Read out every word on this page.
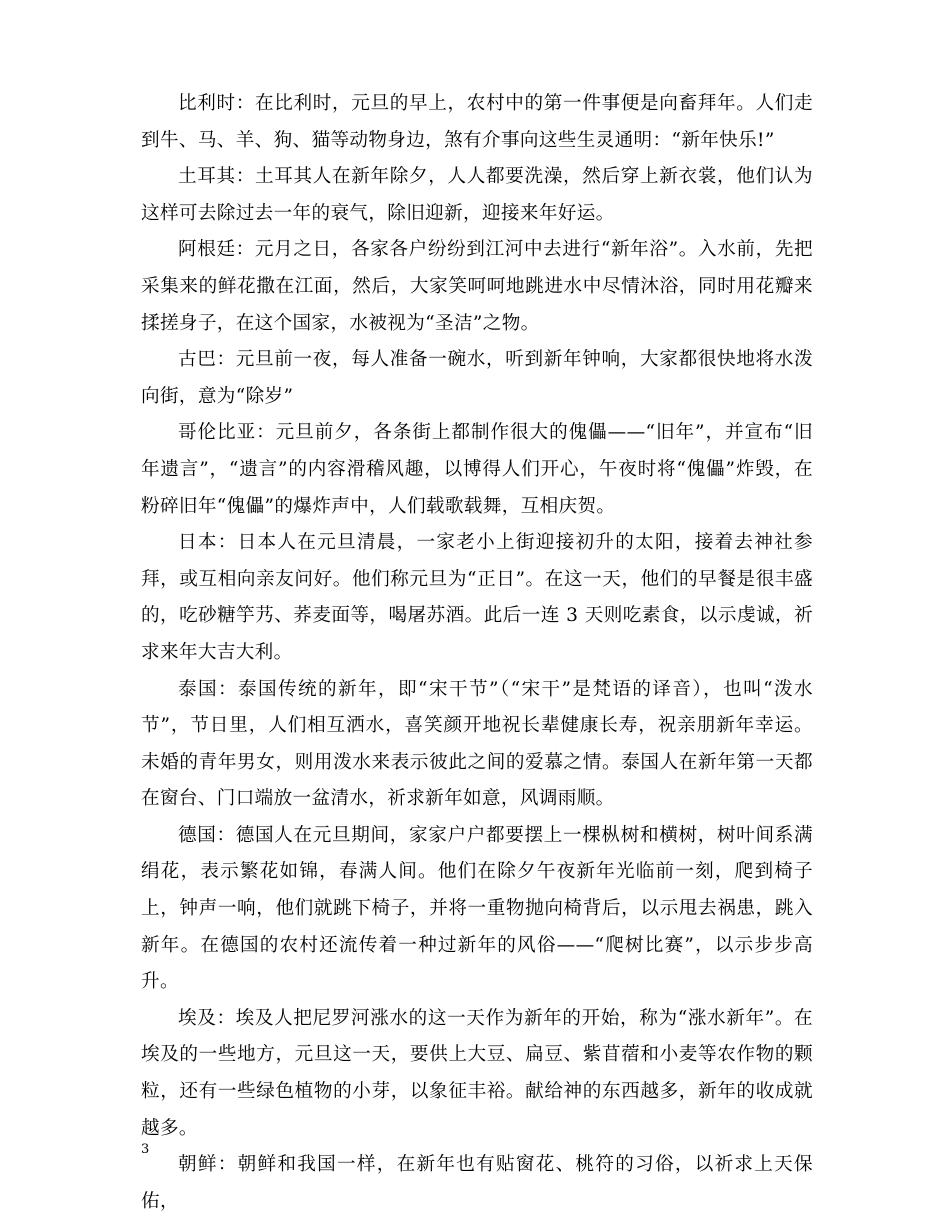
比利时：在比利时，元旦的早上，农村中的第一件事便是向畜拜年。人们走到牛、马、羊、狗、猫等动物身边，煞有介事向这些生灵通明：“新年快乐!”

土耳其：土耳其人在新年除夕，人人都要洗澡，然后穿上新衣裳，他们认为这样可去除过去一年的衰气，除旧迎新，迎接来年好运。

阿根廷：元月之日，各家各户纷纷到江河中去进行“新年浴”。入水前，先把采集来的鲜花撒在江面，然后，大家笑呵呵地跳进水中尽情沐浴，同时用花瓣来揉搓身子，在这个国家，水被视为“圣洁”之物。

古巴：元旦前一夜，每人准备一碗水，听到新年钟响，大家都很快地将水泼向街，意为“除岁”

哥伦比亚：元旦前夕，各条街上都制作很大的傀儡——“旧年”，并宣布“旧年遗言”，“遗言”的内容滑稽风趣，以博得人们开心，午夜时将“傀儡”炸毁，在粉碎旧年“傀儡”的爆炸声中，人们载歌载舞，互相庆贺。

日本：日本人在元旦清晨，一家老小上街迎接初升的太阳，接着去神社参拜，或互相向亲友问好。他们称元旦为“正日”。在这一天，他们的早餐是很丰盛的，吃砂糖竽艿、荞麦面等，喝屠苏酒。此后一连 3 天则吃素食，以示虔诚，祈求来年大吉大利。

泰国：泰国传统的新年，即“宋干节”（“宋干”是梵语的译音），也叫“泼水节”，节日里，人们相互洒水，喜笑颜开地祝长辈健康长寿，祝亲朋新年幸运。未婚的青年男女，则用泼水来表示彼此之间的爱慕之情。泰国人在新年第一天都在窗台、门口端放一盆清水，祈求新年如意，风调雨顺。

德国：德国人在元旦期间，家家户户都要摆上一棵枞树和横树，树叶间系满绢花，表示繁花如锦，春满人间。他们在除夕午夜新年光临前一刻，爬到椅子上，钟声一响，他们就跳下椅子，并将一重物抛向椅背后，以示甩去祸患，跳入新年。在德国的农村还流传着一种过新年的风俗——“爬树比赛”，以示步步高升。

埃及：埃及人把尼罗河涨水的这一天作为新年的开始，称为“涨水新年”。在埃及的一些地方，元旦这一天，要供上大豆、扁豆、紫苜蓿和小麦等农作物的颗粒，还有一些绿色植物的小芽，以象征丰裕。献给神的东西越多，新年的收成就越多。

朝鲜：朝鲜和我国一样，在新年也有贴窗花、桃符的习俗，以祈求上天保佑，

3
